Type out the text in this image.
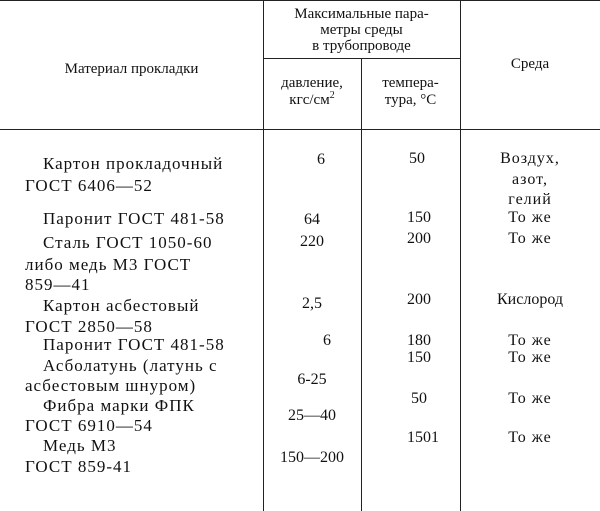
Материал прокладки
Максимальные пара-
метры среды
в трубопроводе
давление,
кгс/$см^2$
темпера-
тура, °С
Среда
Картон прокладочный
ГОСТ 6406—52
Паронит ГОСТ 481-58
Сталь ГОСТ 1050-60
либо медь М3 ГОСТ
859—41
Картон асбестовый
ГОСТ 2850—58
Паронит ГОСТ 481-58
Асболатунь (латунь с
асбестовым шнуром)
Фибра марки ФПК
ГОСТ 6910—54
Медь М3
ГОСТ 859-41
6
64
220
2,5
6
6-25
25—40
150—200
50
150
200
200
180
150
50
1501
Воздух,
азот,
гелий
То же
То же
Кислород
То же
То же
То же
То же
